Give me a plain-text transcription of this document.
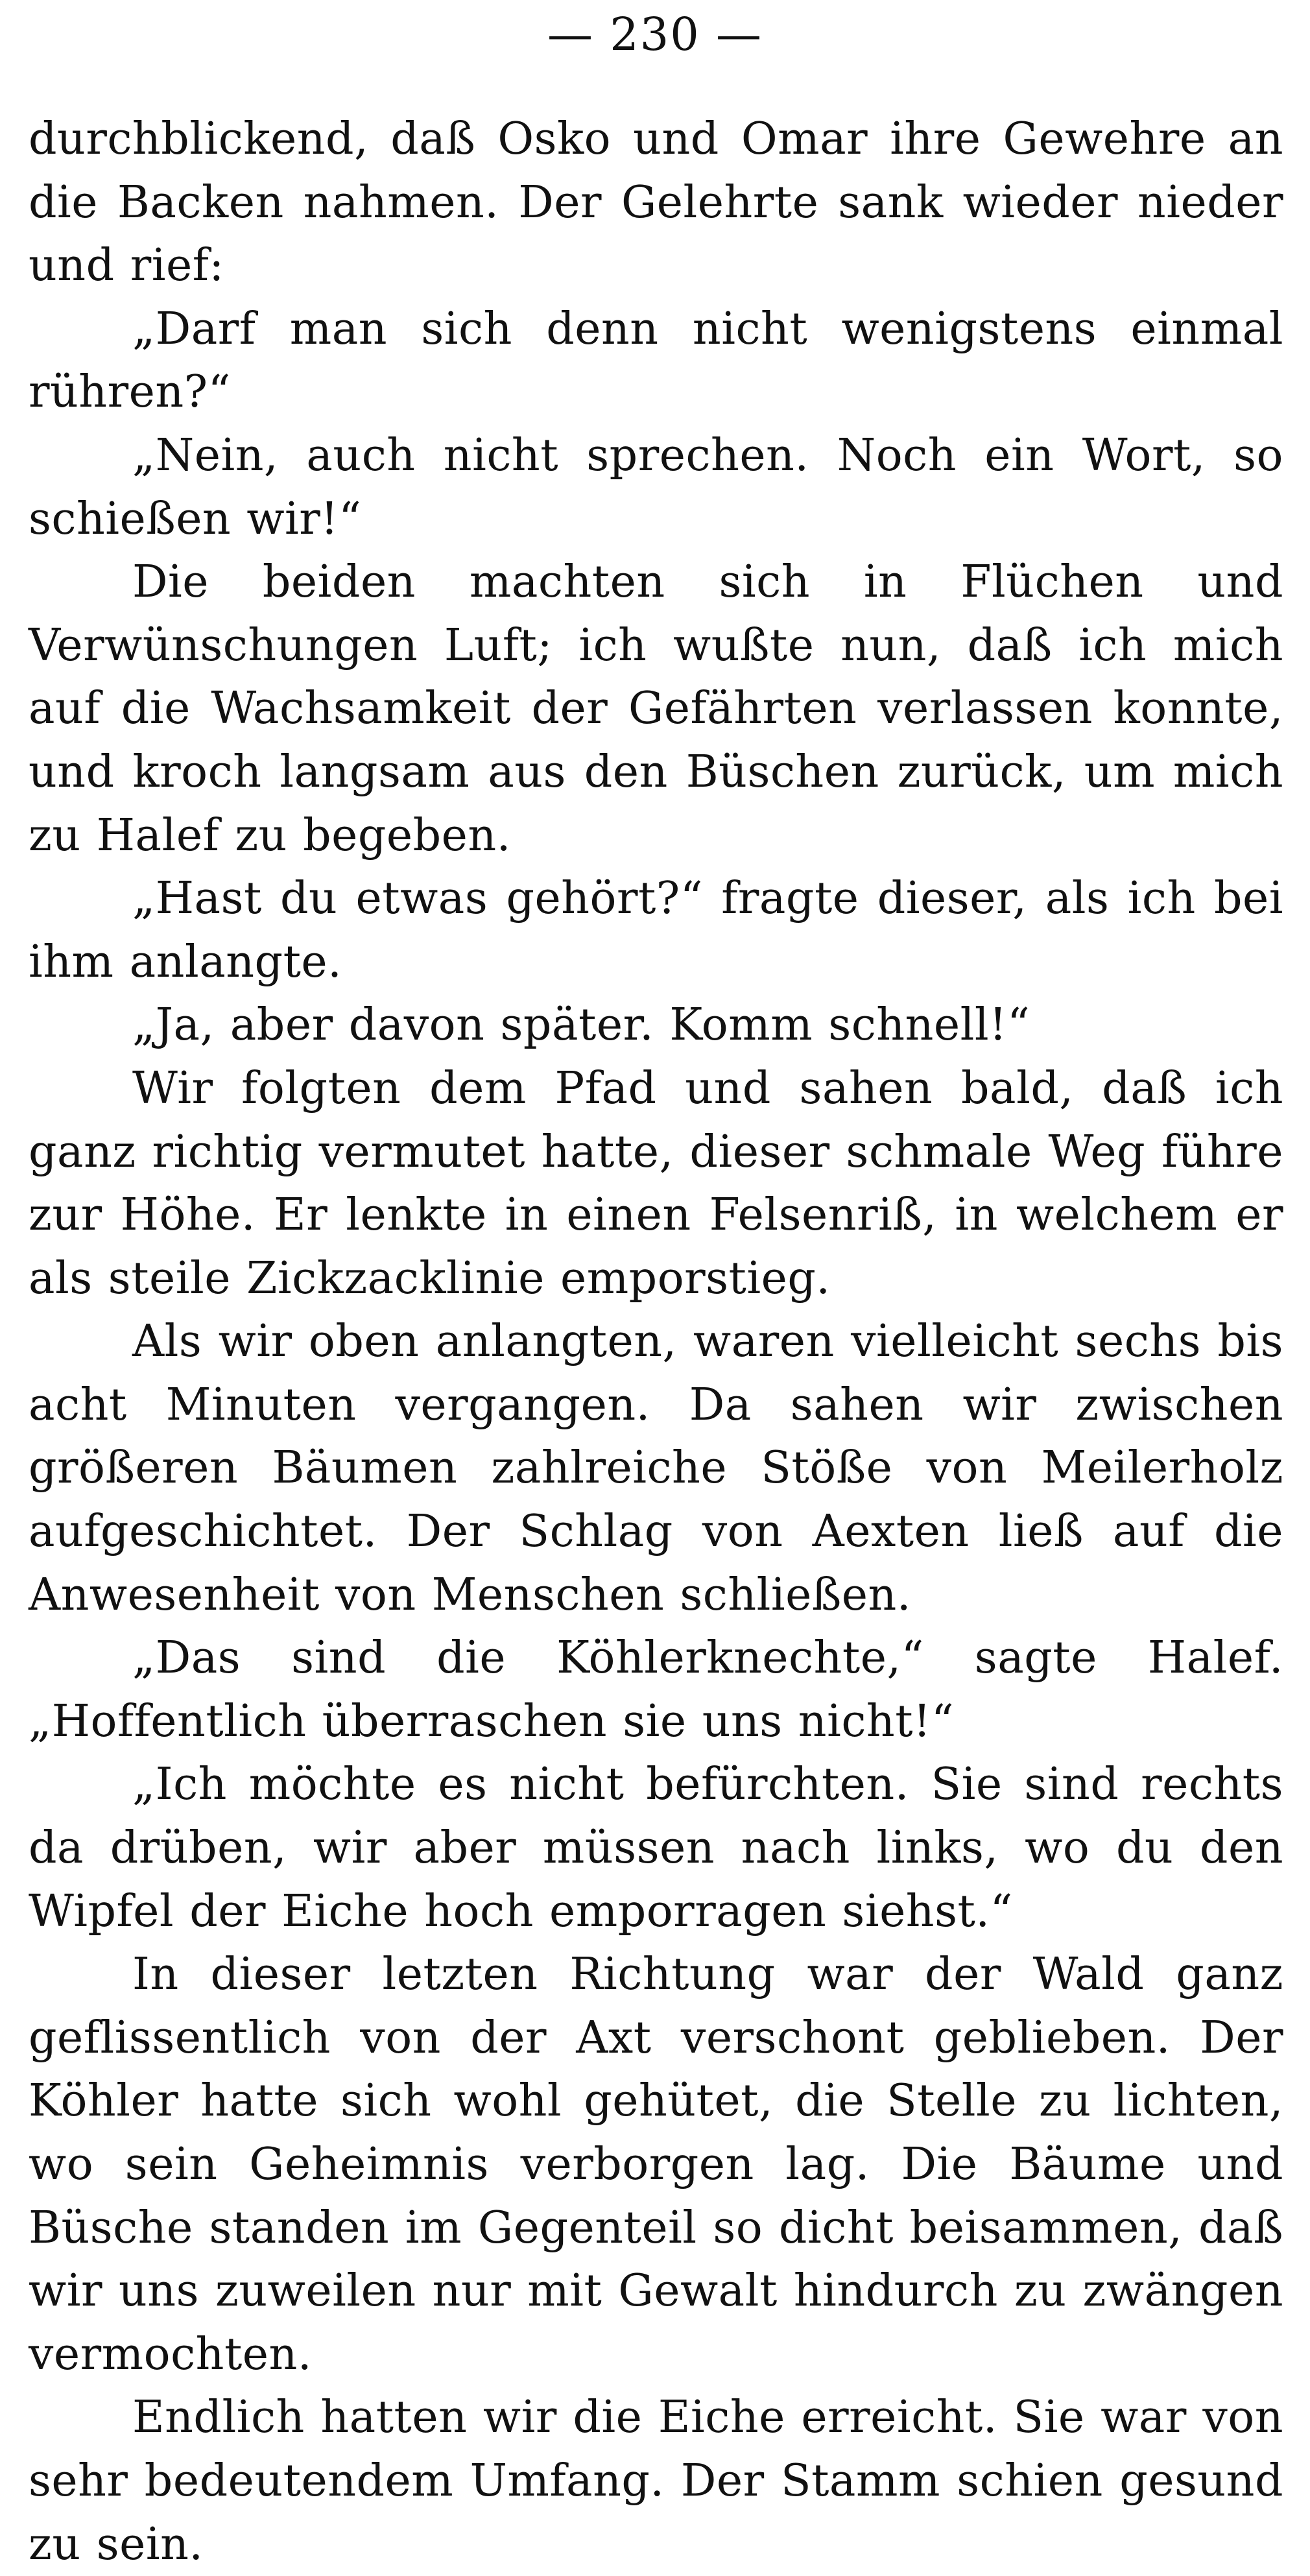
— 230 —

durchblickend, daß Osko und Omar ihre Gewehre an die Backen nahmen. Der Gelehrte sank wieder nieder und rief:

„Darf man sich denn nicht wenigstens einmal rühren?“

„Nein, auch nicht sprechen. Noch ein Wort, so schießen wir!“

Die beiden machten sich in Flüchen und Verwünschungen Luft; ich wußte nun, daß ich mich auf die Wachsamkeit der Gefährten verlassen konnte, und kroch langsam aus den Büschen zurück, um mich zu Halef zu begeben.

„Hast du etwas gehört?“ fragte dieser, als ich bei ihm anlangte.

„Ja, aber davon später. Komm schnell!“

Wir folgten dem Pfad und sahen bald, daß ich ganz richtig vermutet hatte, dieser schmale Weg führe zur Höhe. Er lenkte in einen Felsenriß, in welchem er als steile Zickzacklinie emporstieg.

Als wir oben anlangten, waren vielleicht sechs bis acht Minuten vergangen. Da sahen wir zwischen größeren Bäumen zahlreiche Stöße von Meilerholz aufgeschichtet. Der Schlag von Aexten ließ auf die Anwesenheit von Menschen schließen.

„Das sind die Köhlerknechte,“ sagte Halef. „Hoffentlich überraschen sie uns nicht!“

„Ich möchte es nicht befürchten. Sie sind rechts da drüben, wir aber müssen nach links, wo du den Wipfel der Eiche hoch emporragen siehst.“

In dieser letzten Richtung war der Wald ganz geflissentlich von der Axt verschont geblieben. Der Köhler hatte sich wohl gehütet, die Stelle zu lichten, wo sein Geheimnis verborgen lag. Die Bäume und Büsche standen im Gegenteil so dicht beisammen, daß wir uns zuweilen nur mit Gewalt hindurch zu zwängen vermochten.

Endlich hatten wir die Eiche erreicht. Sie war von sehr bedeutendem Umfang. Der Stamm schien gesund zu sein.
